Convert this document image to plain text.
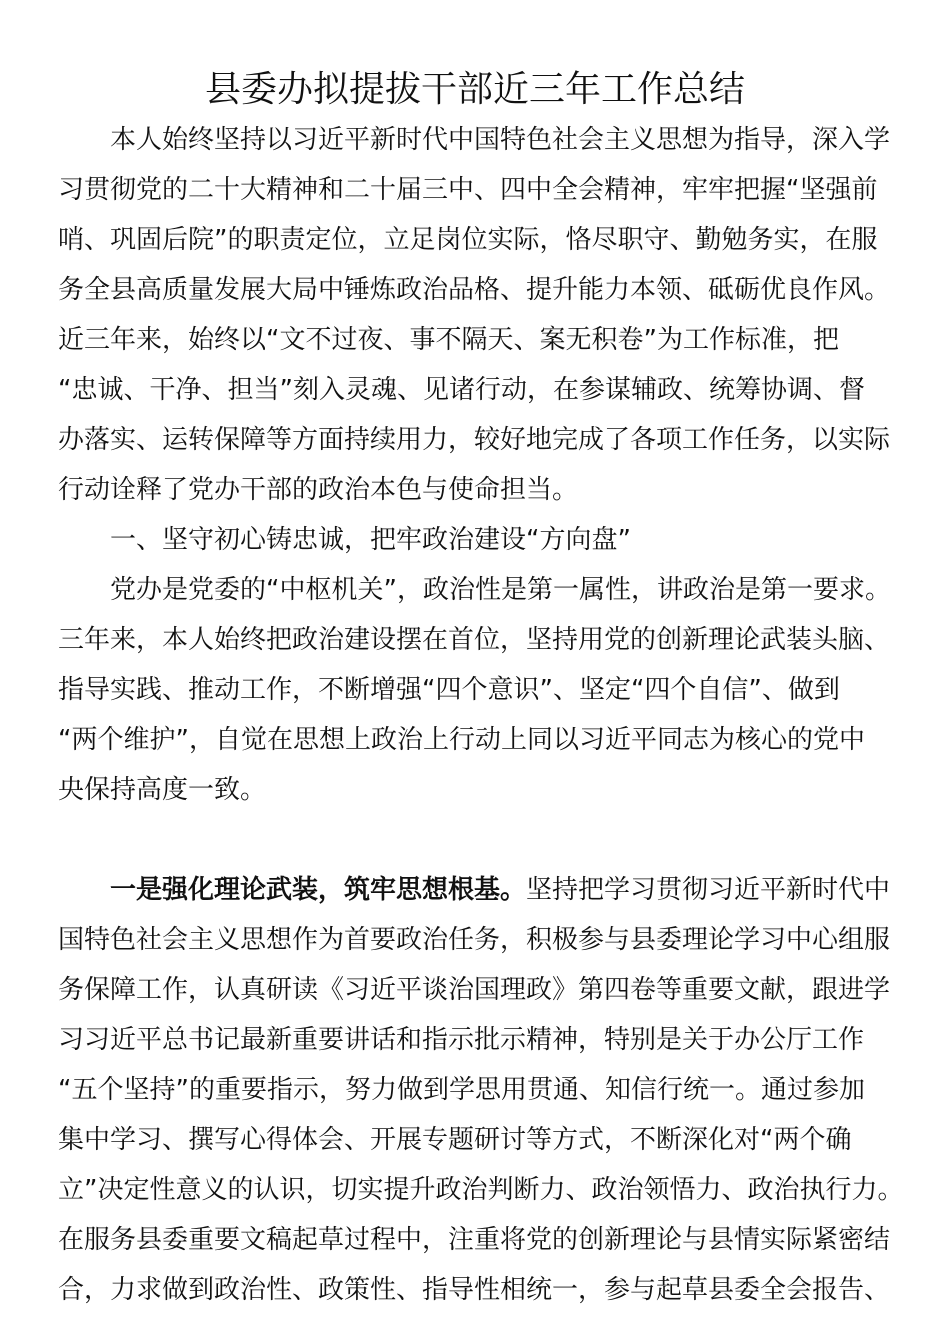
县委办拟提拔干部近三年工作总结
本人始终坚持以习近平新时代中国特色社会主义思想为指导，深入学
习贯彻党的二十大精神和二十届三中、四中全会精神，牢牢把握“坚强前
哨、巩固后院”的职责定位，立足岗位实际，恪尽职守、勤勉务实，在服
务全县高质量发展大局中锤炼政治品格、提升能力本领、砥砺优良作风。
近三年来，始终以“文不过夜、事不隔天、案无积卷”为工作标准，把
“忠诚、干净、担当”刻入灵魂、见诸行动，在参谋辅政、统筹协调、督
办落实、运转保障等方面持续用力，较好地完成了各项工作任务，以实际
行动诠释了党办干部的政治本色与使命担当。
一、坚守初心铸忠诚，把牢政治建设“方向盘”
党办是党委的“中枢机关”，政治性是第一属性，讲政治是第一要求。
三年来，本人始终把政治建设摆在首位，坚持用党的创新理论武装头脑、
指导实践、推动工作，不断增强“四个意识”、坚定“四个自信”、做到
“两个维护”，自觉在思想上政治上行动上同以习近平同志为核心的党中
央保持高度一致。
一是强化理论武装，筑牢思想根基。坚持把学习贯彻习近平新时代中
国特色社会主义思想作为首要政治任务，积极参与县委理论学习中心组服
务保障工作，认真研读《习近平谈治国理政》第四卷等重要文献，跟进学
习习近平总书记最新重要讲话和指示批示精神，特别是关于办公厅工作
“五个坚持”的重要指示，努力做到学思用贯通、知信行统一。通过参加
集中学习、撰写心得体会、开展专题研讨等方式，不断深化对“两个确
立”决定性意义的认识，切实提升政治判断力、政治领悟力、政治执行力。
在服务县委重要文稿起草过程中，注重将党的创新理论与县情实际紧密结
合，力求做到政治性、政策性、指导性相统一，参与起草县委全会报告、
